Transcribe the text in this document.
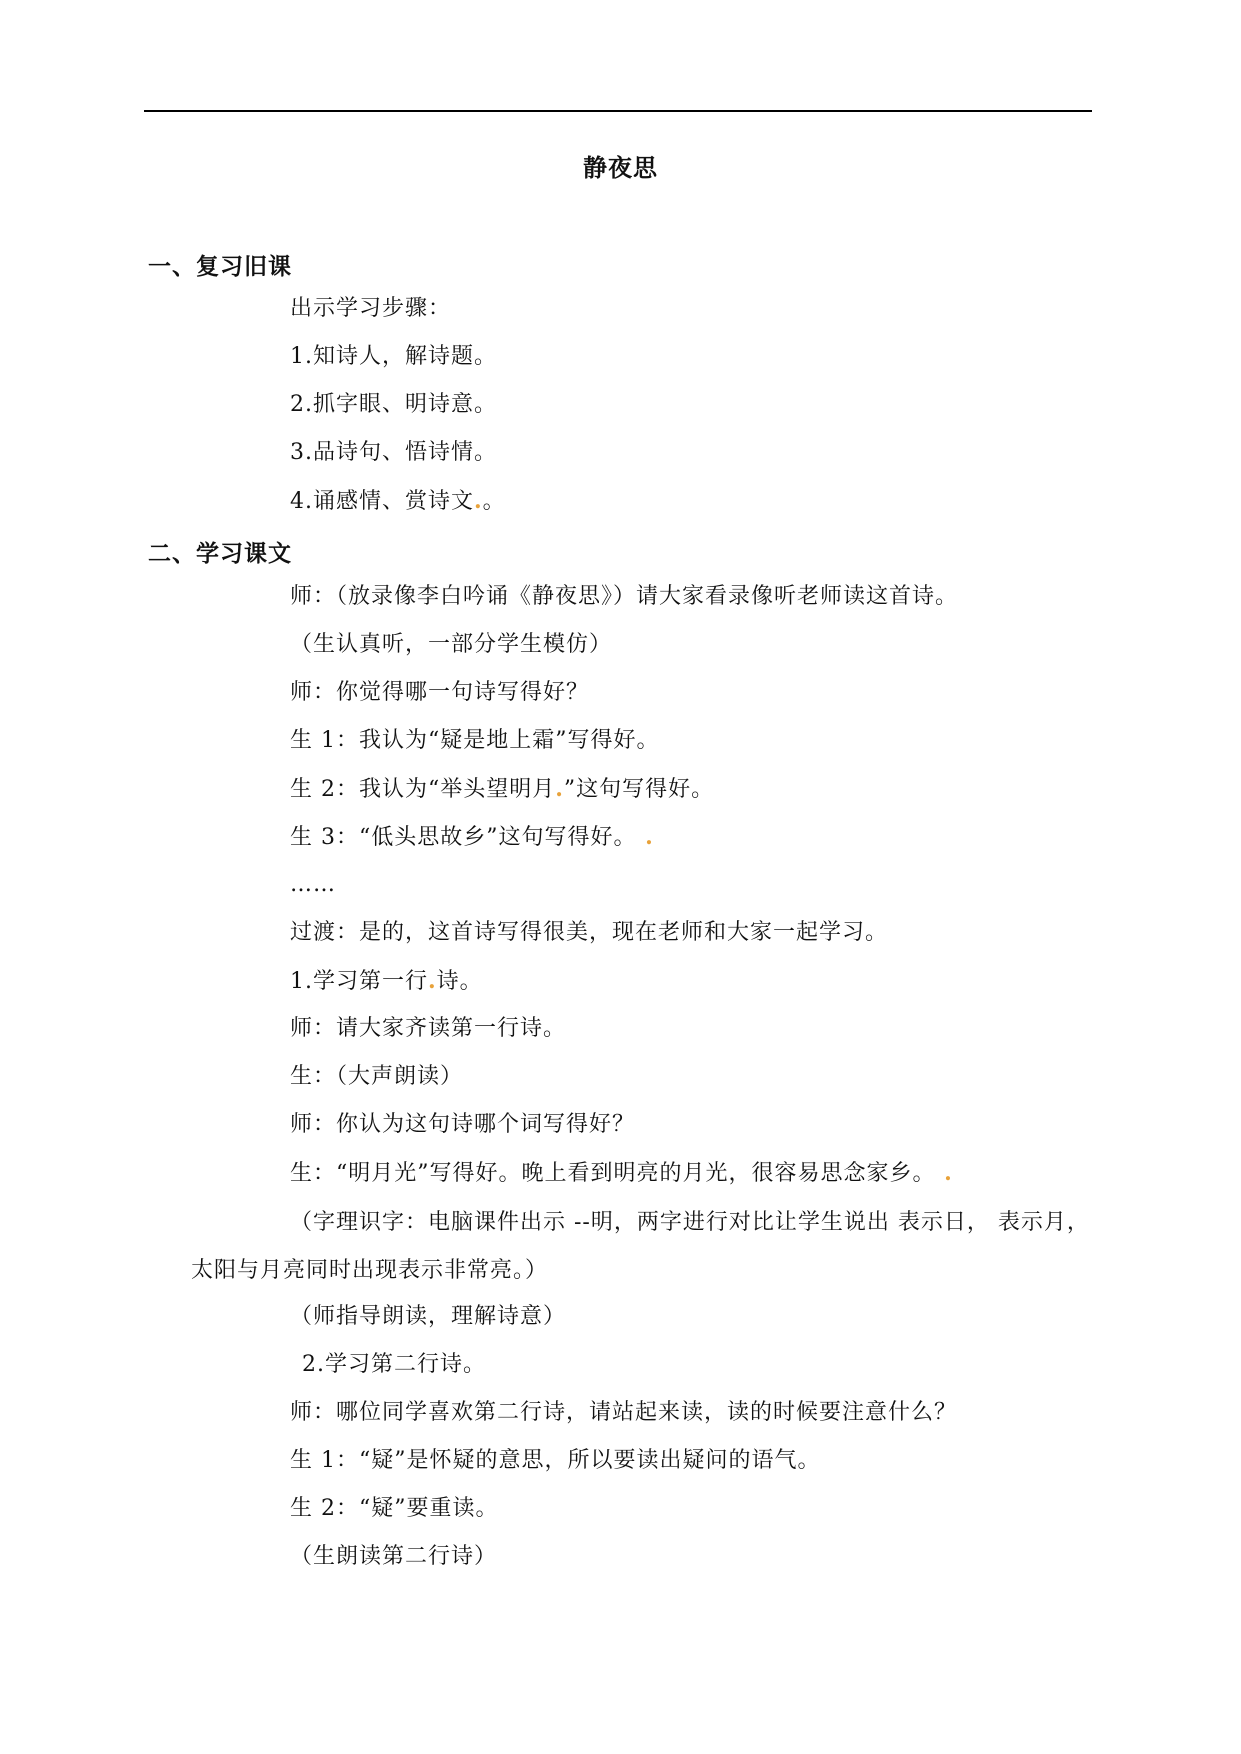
静夜思
一、复习旧课
出示学习步骤：
1.知诗人，解诗题。
2.抓字眼、明诗意。
3.品诗句、悟诗情。
4.诵感情、赏诗文.。
二、学习课文
师：（放录像李白吟诵《静夜思》）请大家看录像听老师读这首诗。
（生认真听，一部分学生模仿）
师：你觉得哪一句诗写得好？
生 1：我认为“疑是地上霜”写得好。
生 2：我认为“举头望明月.”这句写得好。
生 3：“低头思故乡”这句写得好。 .
……
过渡：是的，这首诗写得很美，现在老师和大家一起学习。
1.学习第一行.诗。
师：请大家齐读第一行诗。
生：（大声朗读）
师：你认为这句诗哪个词写得好？
生：“明月光”写得好。晚上看到明亮的月光，很容易思念家乡。 .
（字理识字：电脑课件出示 --明，两字进行对比让学生说出 表示日， 表示月，太阳与月亮同时出现表示非常亮。）
（师指导朗读，理解诗意）
2.学习第二行诗。
师：哪位同学喜欢第二行诗，请站起来读，读的时候要注意什么？
生 1：“疑”是怀疑的意思，所以要读出疑问的语气。
生 2：“疑”要重读。
（生朗读第二行诗）
